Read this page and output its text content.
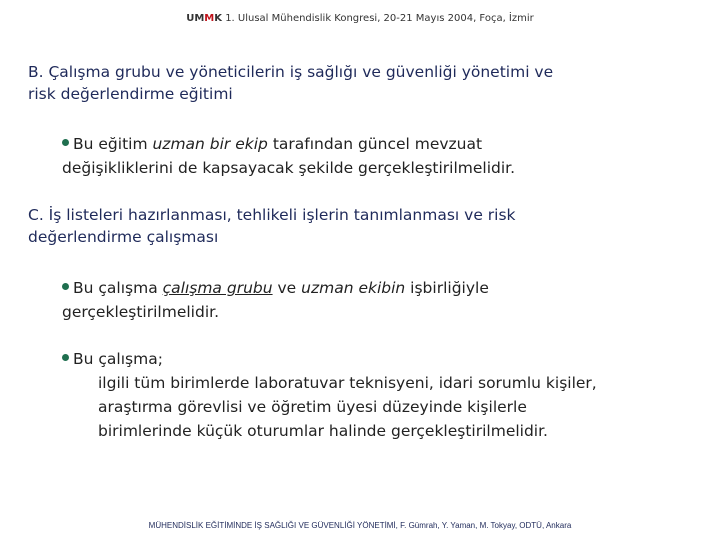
UMMK 1. Ulusal Mühendislik Kongresi, 20-21 Mayıs 2004, Foça, İzmir
B. Çalışma grubu ve yöneticilerin iş sağlığı ve güvenliği yönetimi ve
risk değerlendirme eğitimi
Bu eğitim uzman bir ekip tarafından güncel mevzuat
değişikliklerini de kapsayacak şekilde gerçekleştirilmelidir.
C. İş listeleri hazırlanması, tehlikeli işlerin tanımlanması ve risk
değerlendirme çalışması
Bu çalışma çalışma grubu ve uzman ekibin işbirliğiyle
gerçekleştirilmelidir.
Bu çalışma;
ilgili tüm birimlerde laboratuvar teknisyeni, idari sorumlu kişiler,
araştırma görevlisi ve öğretim üyesi düzeyinde kişilerle
birimlerinde küçük oturumlar halinde gerçekleştirilmelidir.
MÜHENDİSLİK EĞİTİMİNDE İŞ SAĞLIĞI VE GÜVENLİĞİ YÖNETİMİ, F. Gümrah, Y. Yaman, M. Tokyay, ODTÜ, Ankara
